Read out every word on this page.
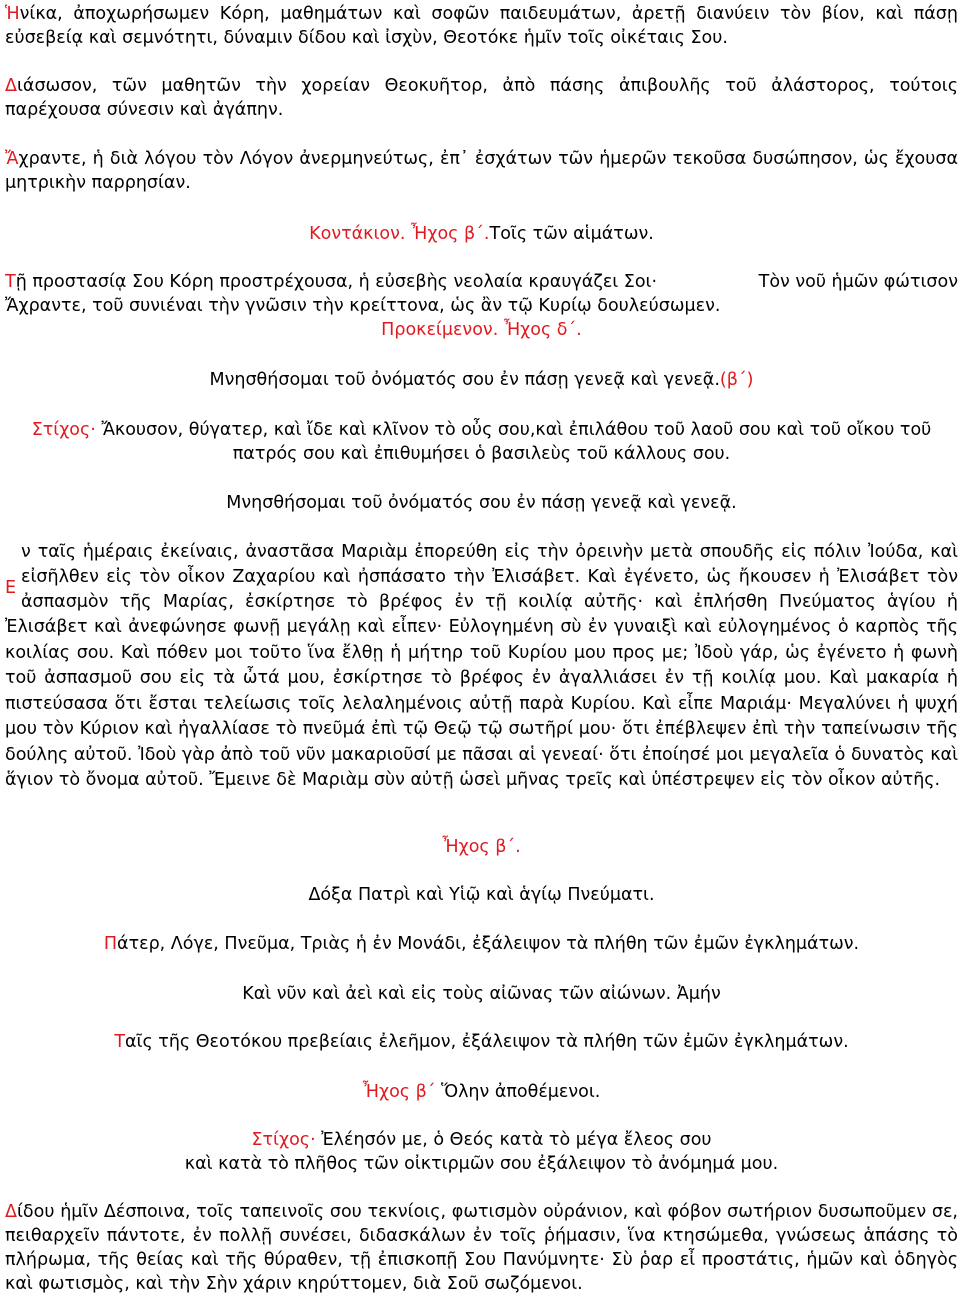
Ἡνίκα, ἀποχωρήσωμεν Κόρη, μαθημάτων καὶ σοφῶν παιδευμάτων, ἀρετῇ διανύειν τὸν βίον, καὶ πάσῃ εὐσεβείᾳ καὶ σεμνότητι, δύναμιν δίδου καὶ ἰσχὺν, Θεοτόκε ἡμῖν τοῖς οἰκέταις Σου.

Διάσωσον, τῶν μαθητῶν τὴν χορείαν Θεοκυῆτορ, ἀπὸ πάσης ἀπιβουλῆς τοῦ ἀλάστορος, τούτοις παρέχουσα σύνεσιν καὶ ἀγάπην.

Ἄχραντε, ἡ διὰ λόγου τὸν Λόγον ἀνερμηνεύτως, ἐπ᾿ ἐσχάτων τῶν ἡμερῶν τεκοῦσα δυσώπησον, ὡς ἔχουσα μητρικὴν παρρησίαν.

Κοντάκιον. Ἦχος β΄.Τοῖς τῶν αἱμάτων.

Τῇ προστασίᾳ Σου Κόρη προστρέχουσα, ἡ εὐσεβὴς νεολαία κραυγάζει Σοι·	Τὸν νοῦ ἡμῶν φώτισον
Ἄχραντε, τοῦ συνιέναι τὴν γνῶσιν τὴν κρείττονα, ὡς ἂν τῷ Κυρίῳ δουλεύσωμεν.

Προκείμενον. Ἦχος δ΄.

Μνησθήσομαι τοῦ ὀνόματός σου ἐν πάσῃ γενεᾷ καὶ γενεᾷ.(β΄)

Στίχος· Ἄκουσον, θύγατερ, καὶ ἴδε καὶ κλῖνον τὸ οὖς σου,καὶ ἐπιλάθου τοῦ λαοῦ σου καὶ τοῦ οἴκου τοῦ
πατρός σου καὶ ἐπιθυμήσει ὁ βασιλεὺς τοῦ κάλλους σου.

Μνησθήσομαι τοῦ ὀνόματός σου ἐν πάσῃ γενεᾷ καὶ γενεᾷ.

Ε
ν ταῖς ἡμέραις ἐκείναις, ἀναστᾶσα Μαριὰμ ἐπορεύθη εἰς τὴν ὀρεινὴν μετὰ σπουδῆς εἰς πόλιν Ἰούδα, καὶ
εἰσῆλθεν εἰς τὸν οἶκον Ζαχαρίου καὶ ἠσπάσατο τὴν Ἐλισάβετ. Καὶ ἐγένετο, ὡς ἤκουσεν ἡ Ἐλισάβετ τὸν
ἀσπασμὸν τῆς Μαρίας, ἐσκίρτησε τὸ βρέφος ἐν τῇ κοιλίᾳ αὐτῆς· καὶ ἐπλήσθη Πνεύματος ἁγίου ἡ
Ἐλισάβετ καὶ ἀνεφώνησε φωνῇ μεγάλῃ καὶ εἶπεν· Εὐλογημένη σὺ ἐν γυναιξὶ καὶ εὐλογημένος ὁ καρπὸς τῆς κοιλίας σου. Καὶ πόθεν μοι τοῦτο ἵνα ἔλθῃ ἡ μήτηρ τοῦ Κυρίου μου προς με; Ἰδοὺ γάρ, ὡς ἐγένετο ἡ φωνὴ τοῦ ἀσπασμοῦ σου εἰς τὰ ὦτά μου, ἐσκίρτησε τὸ βρέφος ἐν ἀγαλλιάσει ἐν τῇ κοιλίᾳ μου. Καὶ μακαρία ἡ πιστεύσασα ὅτι ἔσται τελείωσις τοῖς λελαλημένοις αὐτῇ παρὰ Κυρίου. Καὶ εἶπε Μαριάμ· Μεγαλύνει ἡ ψυχή μου τὸν Κύριον καὶ ἠγαλλίασε τὸ πνεῦμά ἐπὶ τῷ Θεῷ τῷ σωτῆρί μου· ὅτι ἐπέβλεψεν ἐπὶ τὴν ταπείνωσιν τῆς δούλης αὐτοῦ. Ἰδοὺ γὰρ ἀπὸ τοῦ νῦν μακαριοῦσί με πᾶσαι αἱ γενεαί· ὅτι ἐποίησέ μοι μεγαλεῖα ὁ δυνατὸς καὶ ἅγιον τὸ ὄνομα αὐτοῦ. Ἔμεινε δὲ Μαριὰμ σὺν αὐτῇ ὡσεὶ μῆνας τρεῖς καὶ ὑπέστρεψεν εἰς τὸν οἶκον αὐτῆς.

Ἦχος β΄.

Δόξα Πατρὶ καὶ Υἱῷ καὶ ἁγίῳ Πνεύματι.

Πάτερ, Λόγε, Πνεῦμα, Τριὰς ἡ ἐν Μονάδι, ἐξάλειψον τὰ πλήθη τῶν ἐμῶν ἐγκλημάτων.

Καὶ νῦν καὶ ἀεὶ καὶ εἰς τοὺς αἰῶνας τῶν αἰώνων. Ἀμήν

Ταῖς τῆς Θεοτόκου πρεβείαις ἐλεῆμον, ἐξάλειψον τὰ πλήθη τῶν ἐμῶν ἐγκλημάτων.

Ἦχος β΄ Ὅλην ἀποθέμενοι.

Στίχος· Ἐλέησόν με, ὁ Θεός κατὰ τὸ μέγα ἔλεος σου
καὶ κατὰ τὸ πλῆθος τῶν οἰκτιρμῶν σου ἐξάλειψον τὸ ἀνόμημά μου.

Δίδου ἡμῖν Δέσποινα, τοῖς ταπεινοῖς σου τεκνίοις, φωτισμὸν οὐράνιον, καὶ φόβον σωτήριον δυσωποῦμεν σε, πειθαρχεῖν πάντοτε, ἐν πολλῇ συνέσει, διδασκάλων ἐν τοῖς ῥήμασιν, ἵνα κτησώμεθα, γνώσεως ἁπάσης τὸ πλήρωμα, τῆς θείας καὶ τῆς θύραθεν, τῇ ἐπισκοπῇ Σου Πανύμνητε· Σὺ ῥαρ εἶ προστάτις, ἡμῶν καὶ ὁδηγὸς καὶ φωτισμὸς, καὶ τὴν Σὴν χάριν κηρύττομεν, διὰ Σοῦ σωζόμενοι.
